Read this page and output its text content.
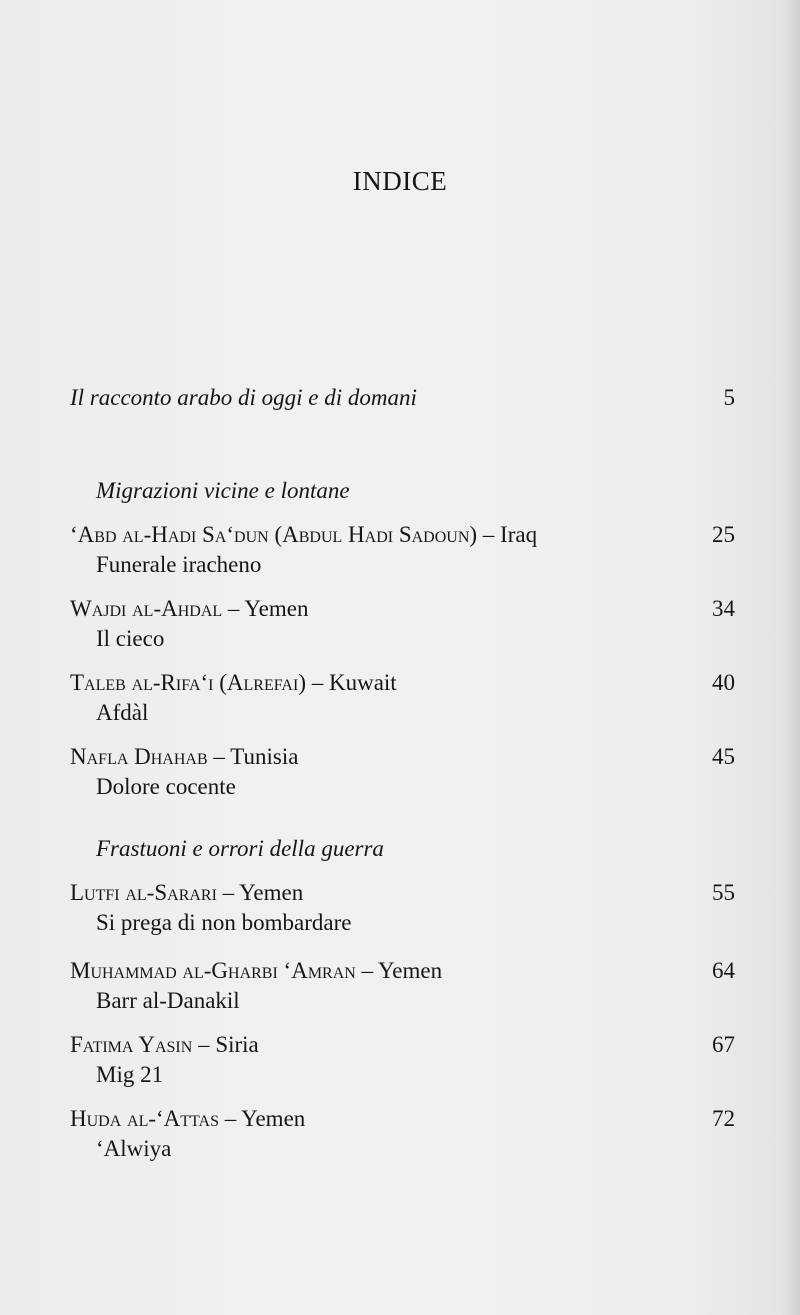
INDICE
Il racconto arabo di oggi e di domani	5
Migrazioni vicine e lontane
‘Abd al-Hadi Sa‘dun (Abdul Hadi Sadoun) – Iraq	25
Funerale iracheno
Wajdi al-Ahdal – Yemen	34
Il cieco
Taleb al-Rifa‘i (Alrefai) – Kuwait	40
Afdàl
Nafla Dhahab – Tunisia	45
Dolore cocente
Frastuoni e orrori della guerra
Lutfi al-Sarari – Yemen	55
Si prega di non bombardare
Muhammad al-Gharbi ‘Amran – Yemen	64
Barr al-Danakil
Fatima Yasin – Siria	67
Mig 21
Huda al-‘Attas – Yemen	72
‘Alwiya
